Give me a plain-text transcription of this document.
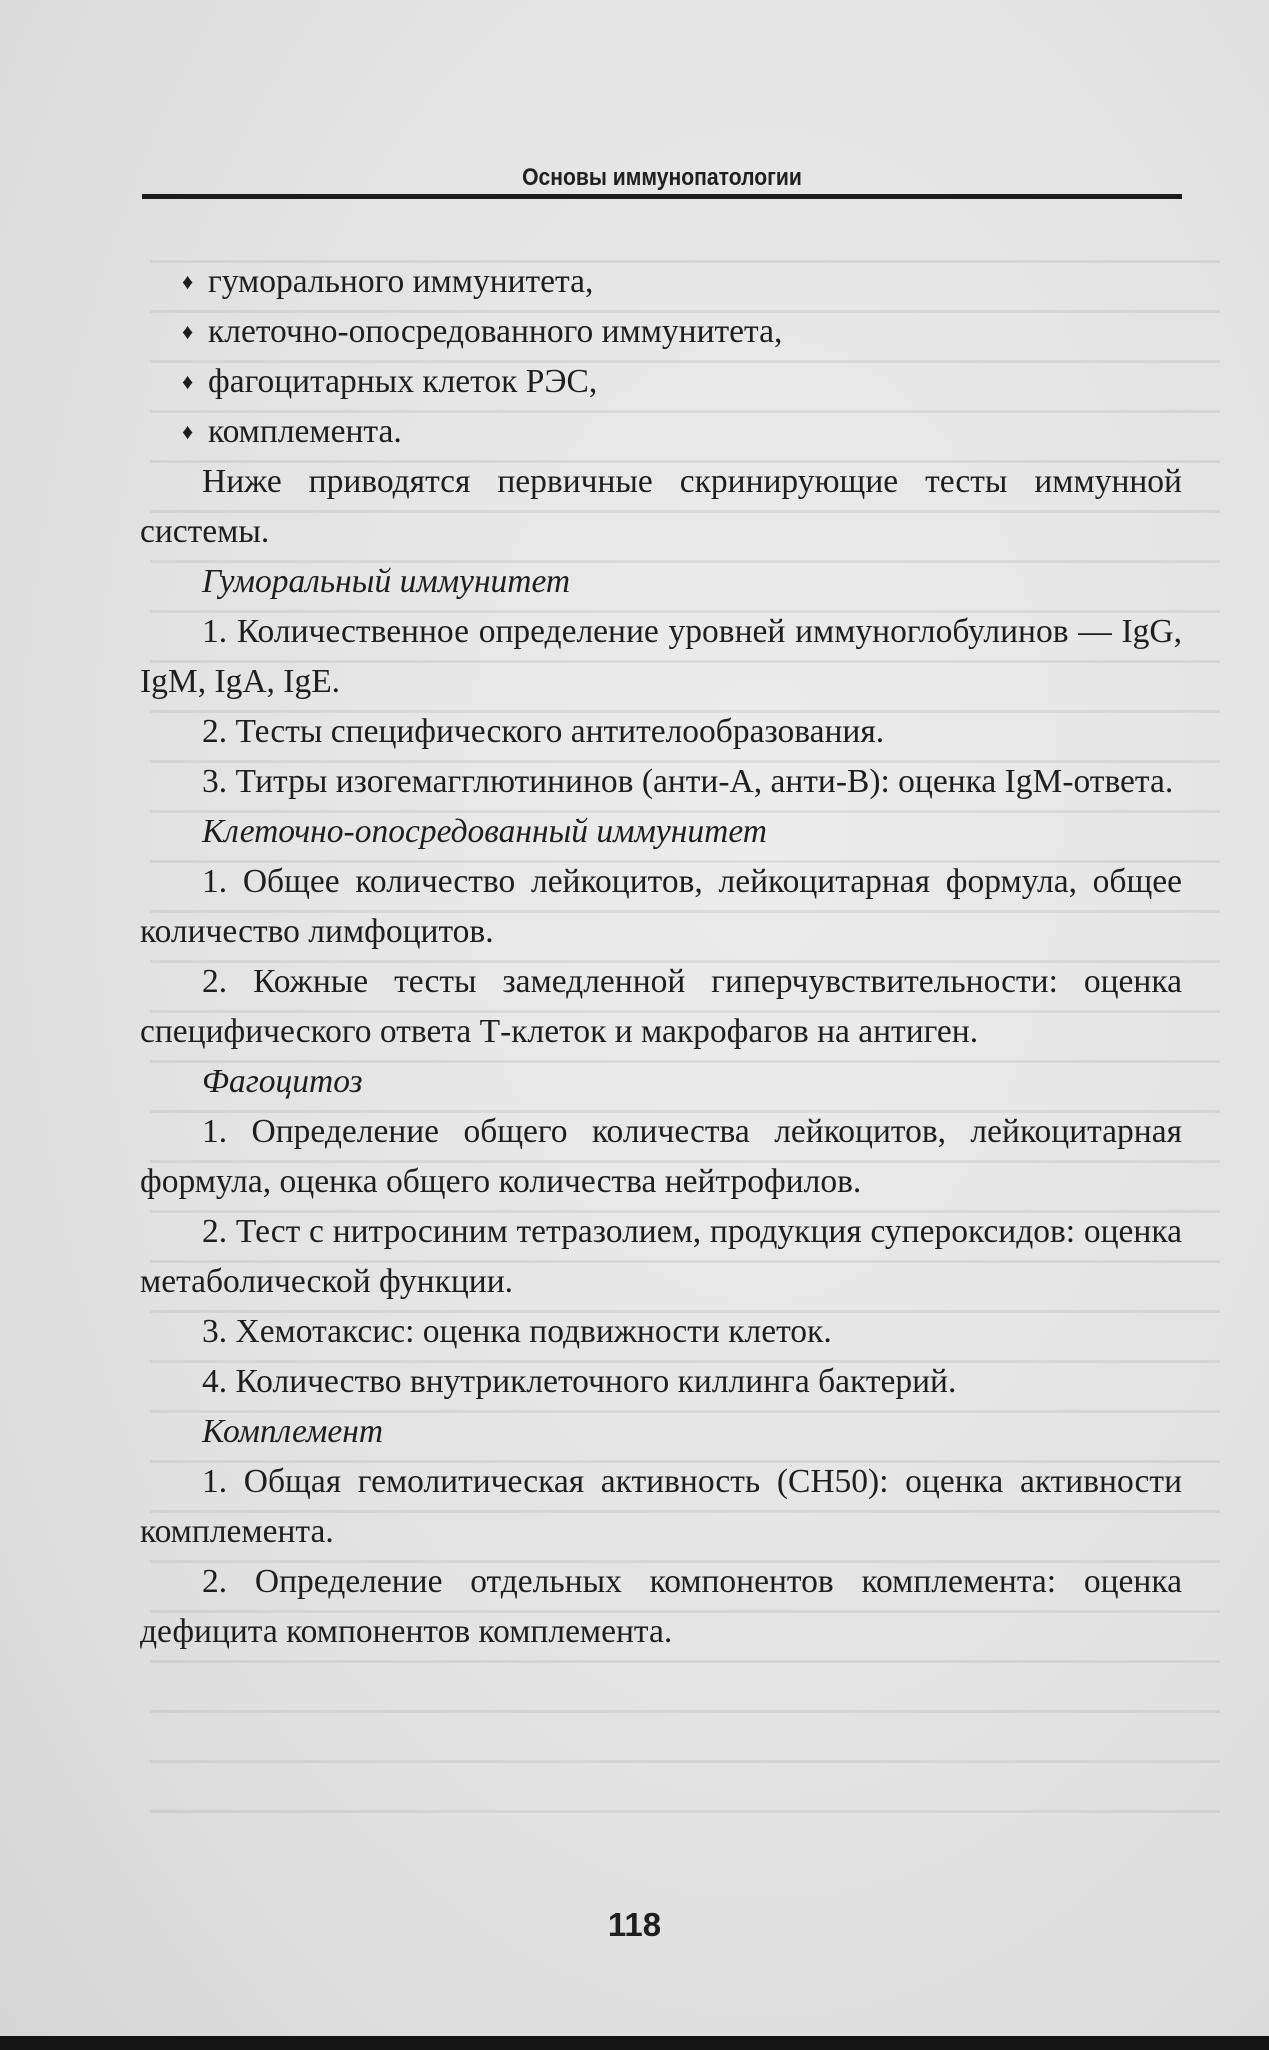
Основы иммунопатологии

♦ гуморального иммунитета,

♦ клеточно-опосредованного иммунитета,

♦ фагоцитарных клеток РЭС,

♦ комплемента.

Ниже приводятся первичные скринирующие тесты иммунной системы.

Гуморальный иммунитет

1. Количественное определение уровней иммуноглобулинов — IgG, IgM, IgA, IgE.

2. Тесты специфического антителообразования.

3. Титры изогемагглютининов (анти-А, анти-В): оценка IgM-ответа.

Клеточно-опосредованный иммунитет

1. Общее количество лейкоцитов, лейкоцитарная формула, общее количество лимфоцитов.

2. Кожные тесты замедленной гиперчувствительности: оценка специфического ответа Т-клеток и макрофагов на антиген.

Фагоцитоз

1. Определение общего количества лейкоцитов, лейкоцитарная формула, оценка общего количества нейтрофилов.

2. Тест с нитросиним тетразолием, продукция супероксидов: оценка метаболической функции.

3. Хемотаксис: оценка подвижности клеток.

4. Количество внутриклеточного киллинга бактерий.

Комплемент

1. Общая гемолитическая активность (СН50): оценка активности комплемента.

2. Определение отдельных компонентов комплемента: оценка дефицита компонентов комплемента.

118
